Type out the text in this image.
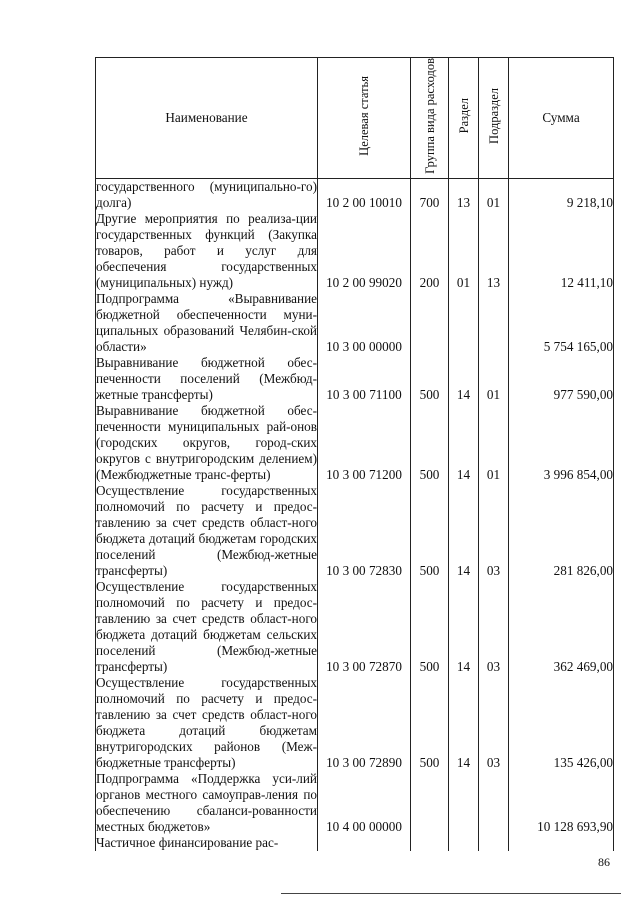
Наименование	Целевая статья	Группа вида расходов	Раздел	Подраздел	Сумма
государственного (муниципально-го) долга)	10 2 00 10010	700	13	01	9 218,10
Другие мероприятия по реализа-ции государственных функций (Закупка товаров, работ и услуг для обеспечения государственных (муниципальных) нужд)	10 2 00 99020	200	01	13	12 411,10
Подпрограмма «Выравнивание бюджетной обеспеченности муни-ципальных образований Челябин-ской области»	10 3 00 00000				5 754 165,00
Выравнивание бюджетной обес-печенности поселений (Межбюд-жетные трансферты)	10 3 00 71100	500	14	01	977 590,00
Выравнивание бюджетной обес-печенности муниципальных рай-онов (городских округов, город-ских округов с внутригородским делением) (Межбюджетные транс-ферты)	10 3 00 71200	500	14	01	3 996 854,00
Осуществление государственных полномочий по расчету и предос-тавлению за счет средств област-ного бюджета дотаций бюджетам городских поселений (Межбюд-жетные трансферты)	10 3 00 72830	500	14	03	281 826,00
Осуществление государственных полномочий по расчету и предос-тавлению за счет средств област-ного бюджета дотаций бюджетам сельских поселений (Межбюд-жетные трансферты)	10 3 00 72870	500	14	03	362 469,00
Осуществление государственных полномочий по расчету и предос-тавлению за счет средств област-ного бюджета дотаций бюджетам внутригородских районов (Меж-бюджетные трансферты)	10 3 00 72890	500	14	03	135 426,00
Подпрограмма «Поддержка уси-лий органов местного самоуправ-ления по обеспечению сбаланси-рованности местных бюджетов»	10 4 00 00000				10 128 693,90
Частичное финансирование рас-					
86
